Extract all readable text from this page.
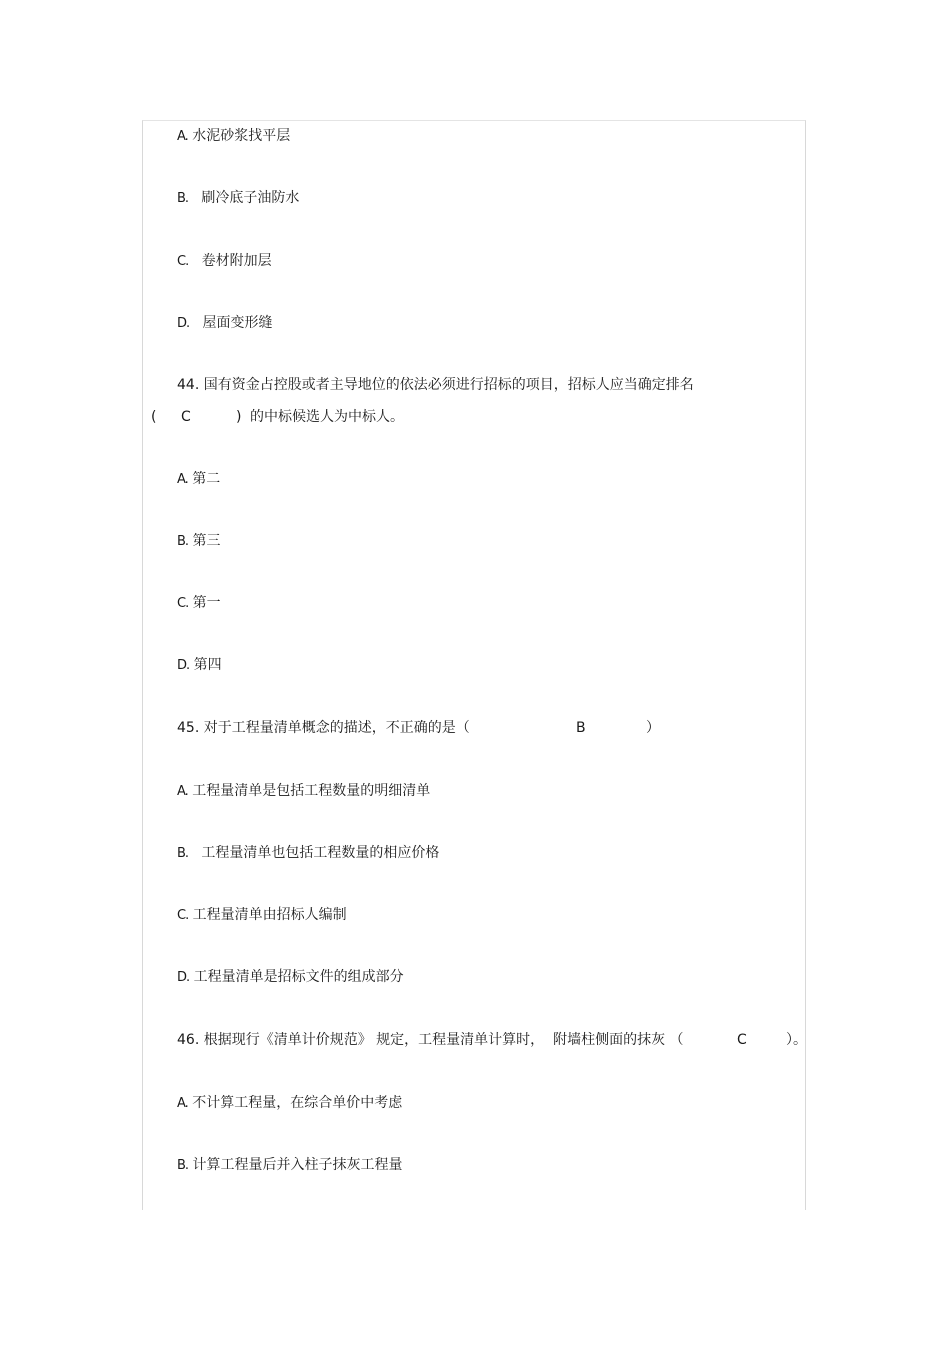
A. 水泥砂浆找平层
B. 刷冷底子油防水
C. 卷材附加层
D. 屋面变形缝
44. 国有资金占控股或者主导地位的依法必须进行招标的项目，招标人应当确定排名
( C	) 的中标候选人为中标人。
A. 第二
B. 第三
C. 第一
D. 第四
45. 对于工程量清单概念的描述，不正确的是（	B	）
A. 工程量清单是包括工程数量的明细清单
B. 工程量清单也包括工程数量的相应价格
C. 工程量清单由招标人编制
D. 工程量清单是招标文件的组成部分
46. 根据现行《清单计价规范》 规定，工程量清单计算时，  附墙柱侧面的抹灰 （	C	）。
A. 不计算工程量，在综合单价中考虑
B. 计算工程量后并入柱子抹灰工程量
